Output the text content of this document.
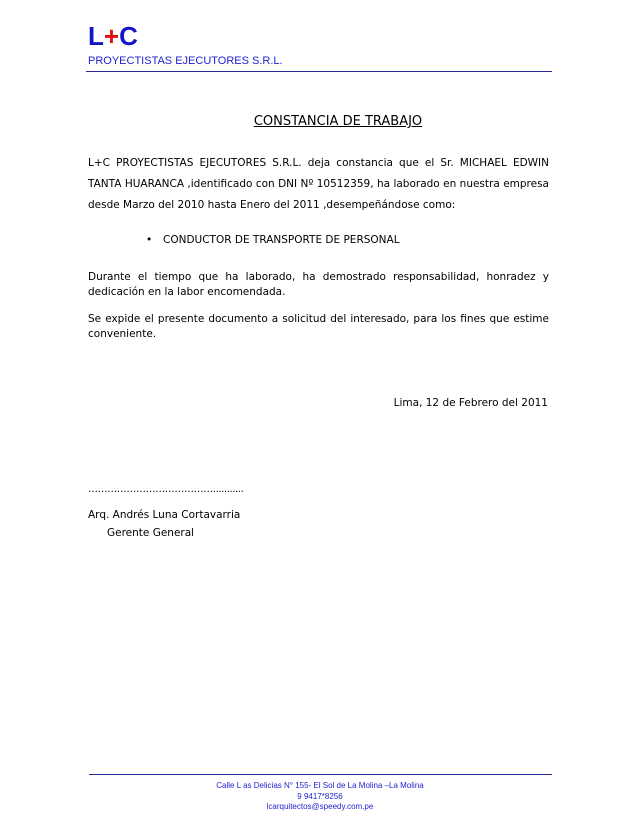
L+C
PROYECTISTAS EJECUTORES S.R.L.
CONSTANCIA DE TRABAJO
L+C PROYECTISTAS EJECUTORES S.R.L. deja constancia que el Sr. MICHAEL EDWIN TANTA HUARANCA ,identificado con DNI Nº 10512359, ha laborado en nuestra empresa desde Marzo del 2010 hasta Enero del 2011 ,desempeñándose como:
• CONDUCTOR DE TRANSPORTE DE PERSONAL
Durante el tiempo que ha laborado, ha demostrado responsabilidad, honradez y dedicación en la labor encomendada.
Se expide el presente documento a solicitud del interesado, para los fines que estime conveniente.
Lima, 12 de Febrero del 2011
…………………………………...........
Arq. Andrés Luna Cortavarria
Gerente General
Calle L as Delicias N° 155- El Sol de La Molina –La Molina
9 9417*8256
lcarquitectos@speedy.com.pe
